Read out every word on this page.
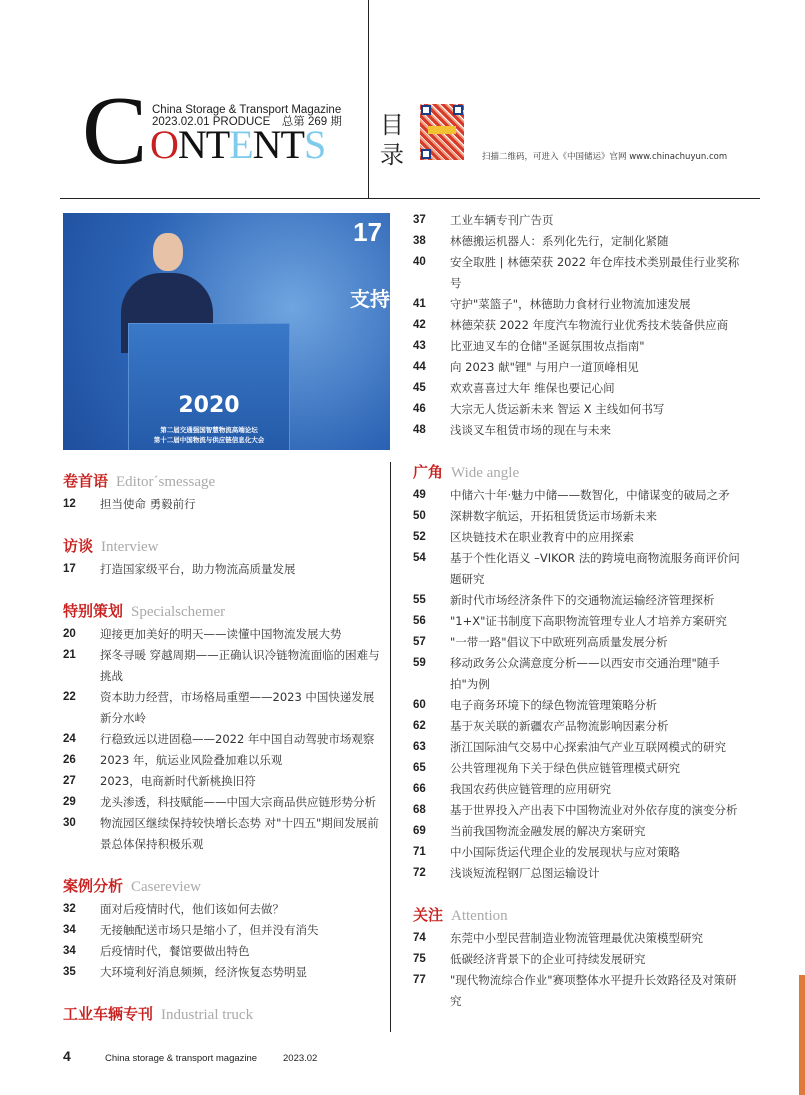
C ONTENTS
China Storage & Transport Magazine
2023.02.01 PRODUCE　总第 269 期 目录	扫描二维码，可进入《中国储运》官网 www.chinachuyun.com
17
支持
2020
第二届交通强国智慧物流高端论坛
第十二届中国物流与供应链信息化大会
卷首语 Editor´smessage
12	担当使命 勇毅前行
访谈 Interview
17	打造国家级平台，助力物流高质量发展
特别策划 Specialschemer
20	迎接更加美好的明天——读懂中国物流发展大势
21	探冬寻暖 穿越周期——正确认识冷链物流面临的困难与挑战
22	资本助力经营，市场格局重塑——2023 中国快递发展新分水岭
24	行稳致远以进固稳——2022 年中国自动驾驶市场观察
26	2023 年，航运业风险叠加难以乐观
27	2023，电商新时代新桃换旧符
29	龙头渗透，科技赋能——中国大宗商品供应链形势分析
30	物流园区继续保持较快增长态势 对"十四五"期间发展前景总体保持积极乐观
案例分析 Casereview
32	面对后疫情时代，他们该如何去做？
34	无接触配送市场只是缩小了，但并没有消失
34	后疫情时代，餐馆要做出特色
35	大环境利好消息频频，经济恢复态势明显
工业车辆专刊 Industrial truck
37	工业车辆专刊广告页
38	林德搬运机器人：系列化先行，定制化紧随
40	安全取胜 | 林德荣获 2022 年仓库技术类别最佳行业奖称号
41	守护"菜篮子"，林德助力食材行业物流加速发展
42	林德荣获 2022 年度汽车物流行业优秀技术装备供应商
43	比亚迪叉车的仓储"圣诞氛围妆点指南"
44	向 2023 献"锂" 与用户一道顶峰相见
45	欢欢喜喜过大年 维保也要记心间
46	大宗无人货运新未来 智运 X 主线如何书写
48	浅谈叉车租赁市场的现在与未来
广角 Wide angle
49	中储六十年·魅力中储——数智化，中储谋变的破局之矛
50	深耕数字航运，开拓租赁货运市场新未来
52	区块链技术在职业教育中的应用探索
54	基于个性化语义 –VIKOR 法的跨境电商物流服务商评价问题研究
55	新时代市场经济条件下的交通物流运输经济管理探析
56	"1+X"证书制度下高职物流管理专业人才培养方案研究
57	"一带一路"倡议下中欧班列高质量发展分析
59	移动政务公众满意度分析——以西安市交通治理"随手拍"为例
60	电子商务环境下的绿色物流管理策略分析
62	基于灰关联的新疆农产品物流影响因素分析
63	浙江国际油气交易中心探索油气产业互联网模式的研究
65	公共管理视角下关于绿色供应链管理模式研究
66	我国农药供应链管理的应用研究
68	基于世界投入产出表下中国物流业对外依存度的演变分析
69	当前我国物流金融发展的解决方案研究
71	中小国际货运代理企业的发展现状与应对策略
72	浅谈短流程钢厂总图运输设计
关注 Attention
74	东莞中小型民营制造业物流管理最优决策模型研究
75	低碳经济背景下的企业可持续发展研究
77	"现代物流综合作业"赛项整体水平提升长效路径及对策研究
4	China storage & transport magazine	2023.02
